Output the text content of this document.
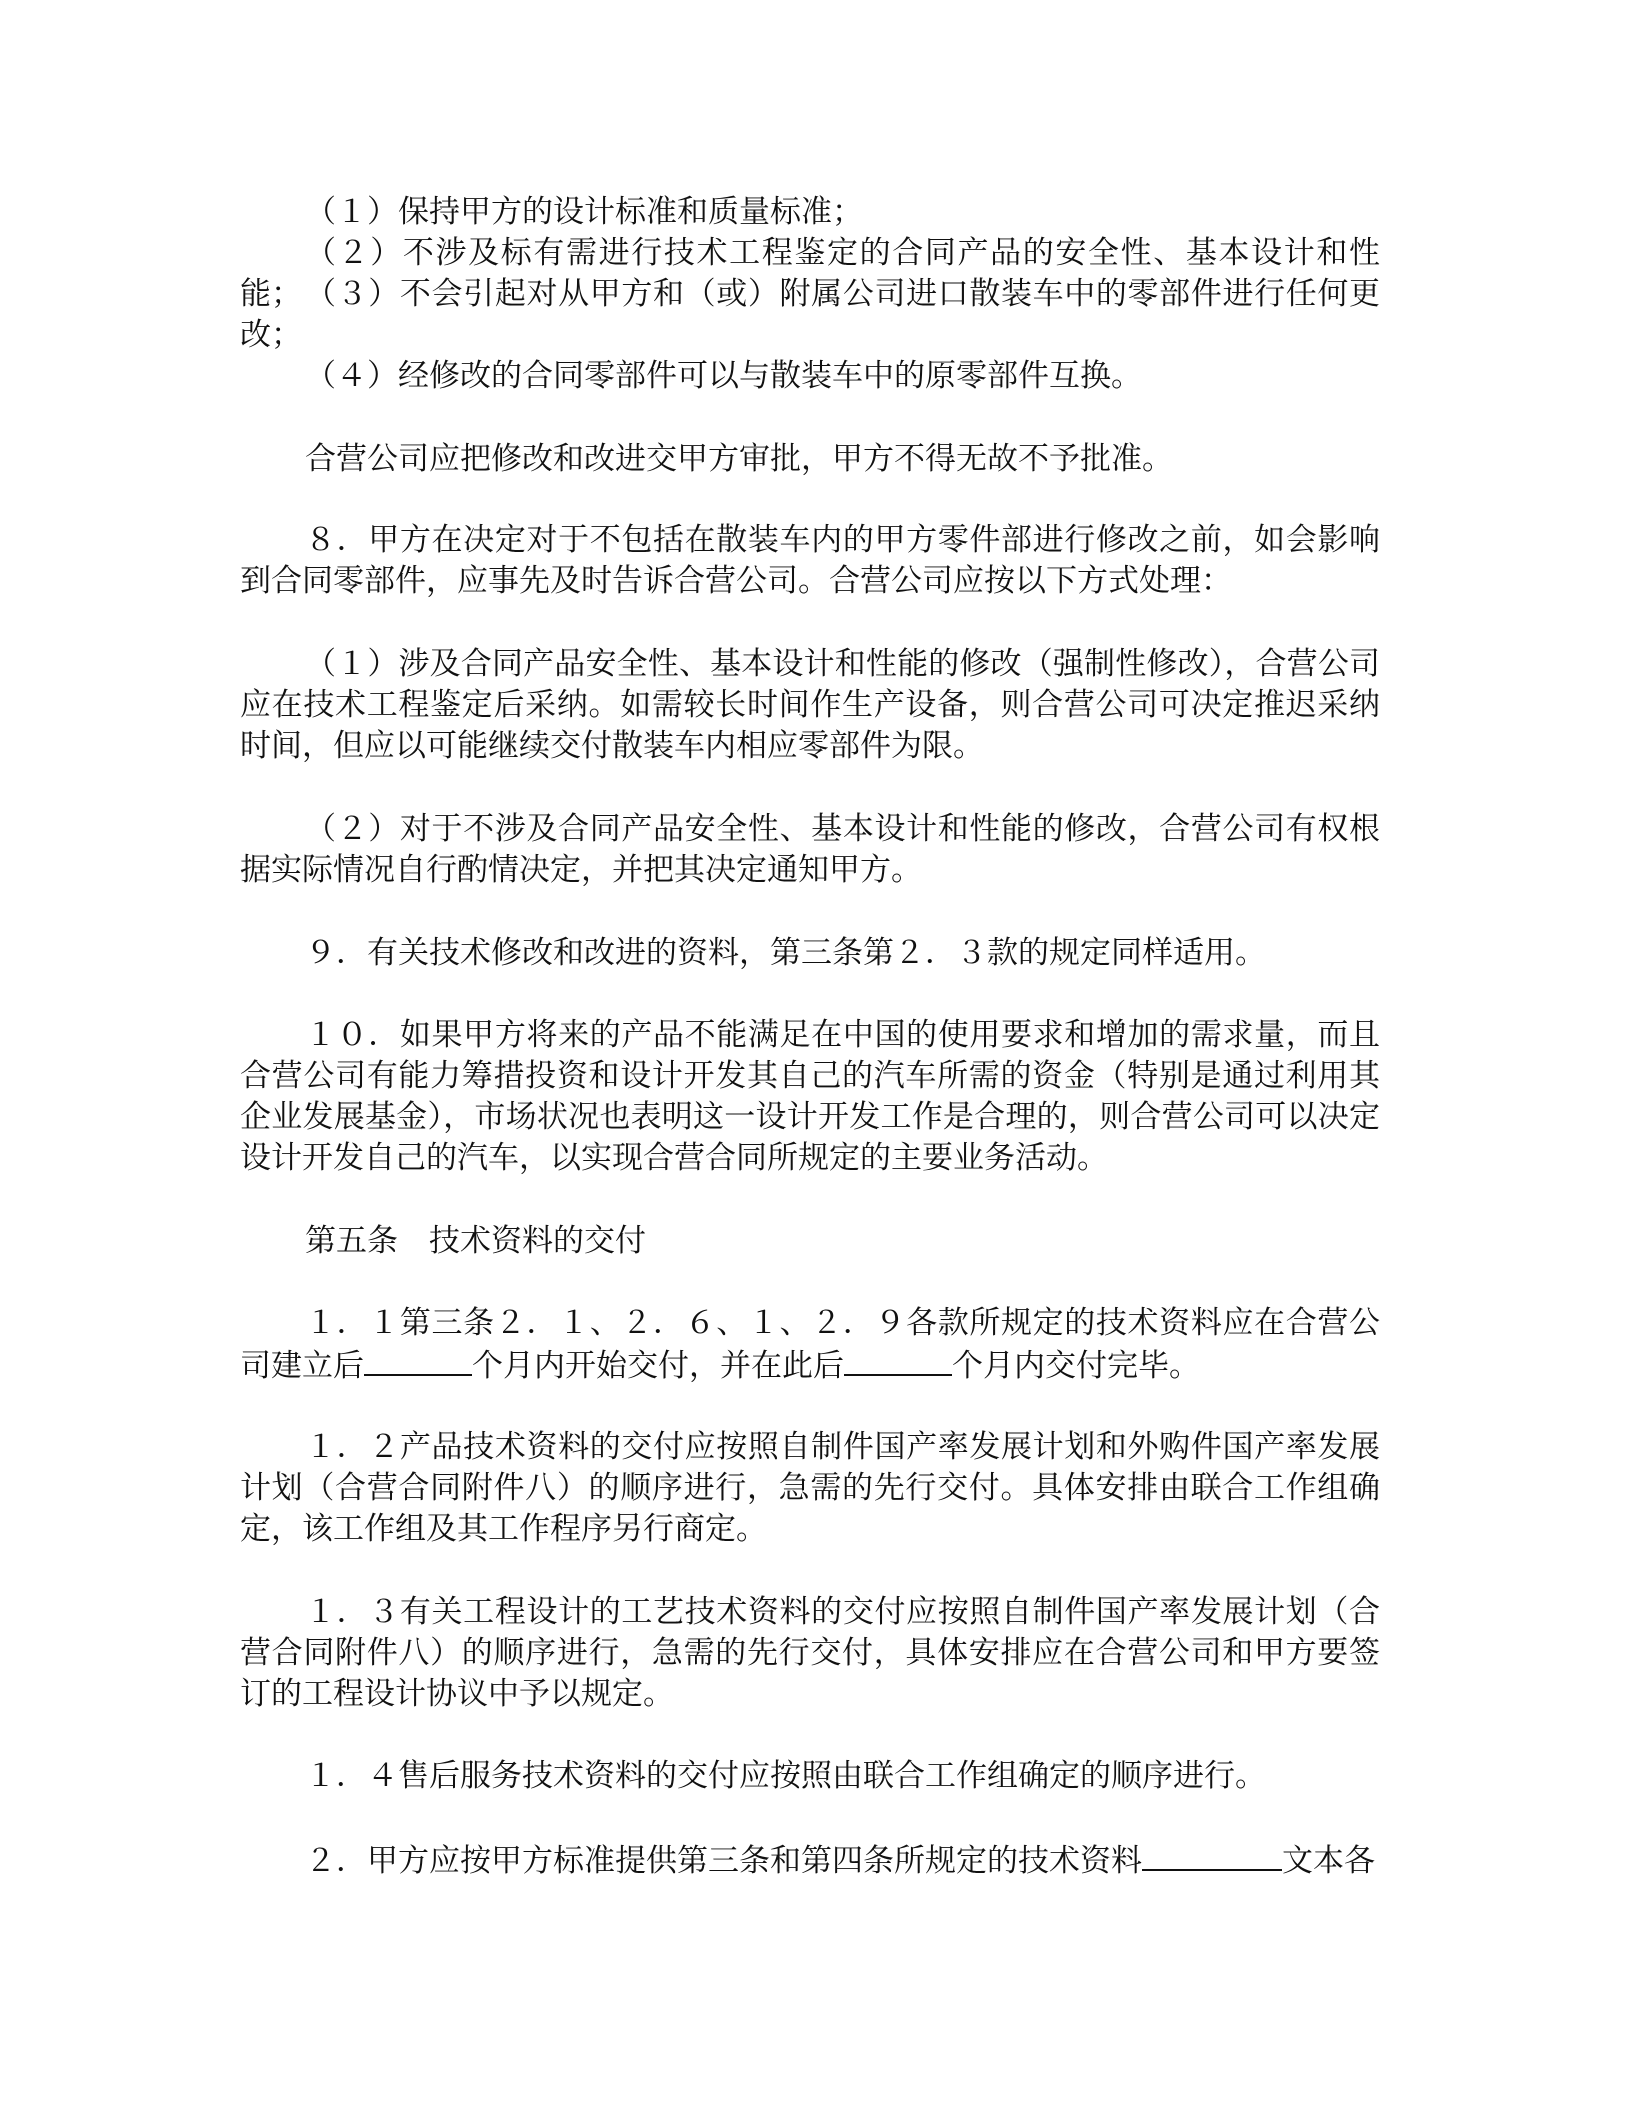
（１）保持甲方的设计标准和质量标准；

（２）不涉及标有需进行技术工程鉴定的合同产品的安全性、基本设计和性能； （３）不会引起对从甲方和（或）附属公司进口散装车中的零部件进行任何更改；

（４）经修改的合同零部件可以与散装车中的原零部件互换。

合营公司应把修改和改进交甲方审批，甲方不得无故不予批准。

８．甲方在决定对于不包括在散装车内的甲方零件部进行修改之前，如会影响到合同零部件，应事先及时告诉合营公司。合营公司应按以下方式处理：

（１）涉及合同产品安全性、基本设计和性能的修改（强制性修改），合营公司应在技术工程鉴定后采纳。如需较长时间作生产设备，则合营公司可决定推迟采纳时间，但应以可能继续交付散装车内相应零部件为限。

（２）对于不涉及合同产品安全性、基本设计和性能的修改，合营公司有权根据实际情况自行酌情决定，并把其决定通知甲方。

９．有关技术修改和改进的资料，第三条第２．３款的规定同样适用。

１０．如果甲方将来的产品不能满足在中国的使用要求和增加的需求量，而且合营公司有能力筹措投资和设计开发其自己的汽车所需的资金（特别是通过利用其企业发展基金），市场状况也表明这一设计开发工作是合理的，则合营公司可以决定设计开发自己的汽车，以实现合营合同所规定的主要业务活动。

第五条　技术资料的交付

１．１第三条２．１、２．６、１、２．９各款所规定的技术资料应在合营公司建立后	个月内开始交付，并在此后	个月内交付完毕。

１．２产品技术资料的交付应按照自制件国产率发展计划和外购件国产率发展计划（合营合同附件八）的顺序进行，急需的先行交付。具体安排由联合工作组确定，该工作组及其工作程序另行商定。

１．３有关工程设计的工艺技术资料的交付应按照自制件国产率发展计划（合营合同附件八）的顺序进行，急需的先行交付，具体安排应在合营公司和甲方要签订的工程设计协议中予以规定。

１．４售后服务技术资料的交付应按照由联合工作组确定的顺序进行。

２．甲方应按甲方标准提供第三条和第四条所规定的技术资料	文本各
